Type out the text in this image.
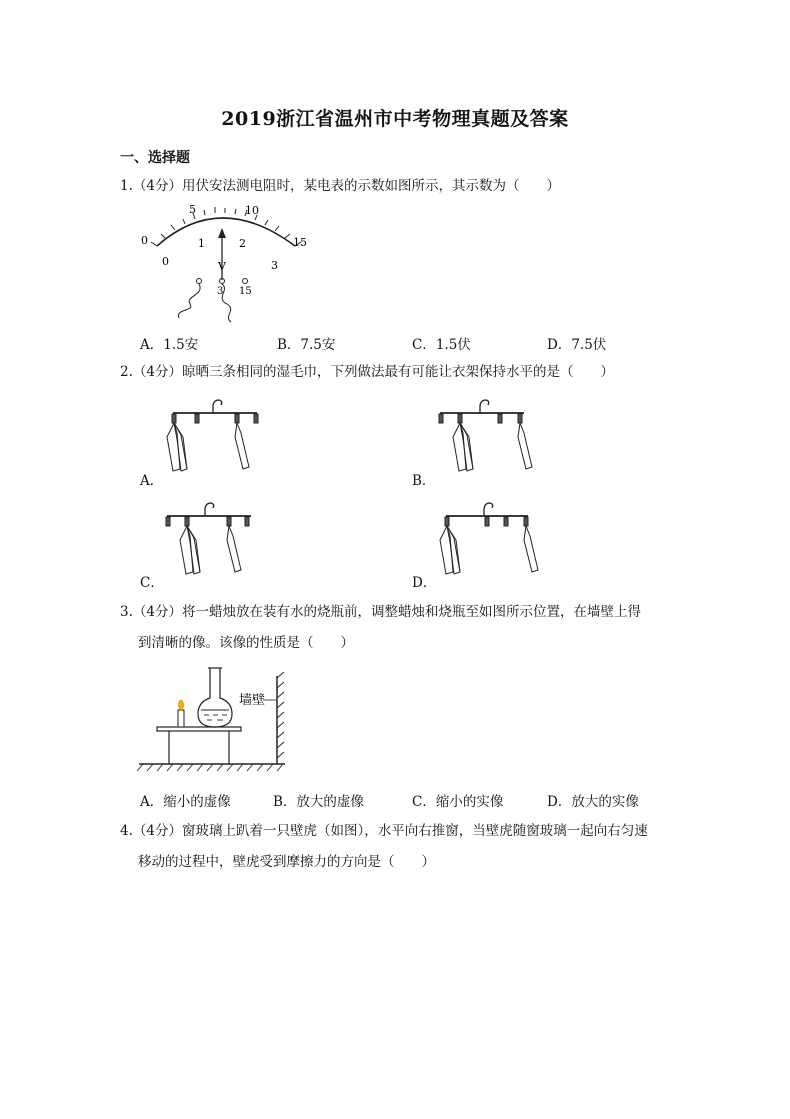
2019浙江省温州市中考物理真题及答案
一、选择题
1.（4分）用伏安法测电阻时，某电表的示数如图所示，其示数为（　　）
0
5	10
15
0
1	2
3
V
3 15
A．1.5安	B．7.5安	C．1.5伏	D．7.5伏
2.（4分）晾晒三条相同的湿毛巾，下列做法最有可能让衣架保持水平的是（　　）
A．	B．
C．	D．
3.（4分）将一蜡烛放在装有水的烧瓶前，调整蜡烛和烧瓶至如图所示位置，在墙壁上得
到清晰的像。该像的性质是（　　）
墙壁
A．缩小的虚像	B．放大的虚像	C．缩小的实像	D．放大的实像
4.（4分）窗玻璃上趴着一只壁虎（如图），水平向右推窗，当壁虎随窗玻璃一起向右匀速
移动的过程中，壁虎受到摩擦力的方向是（　　）
